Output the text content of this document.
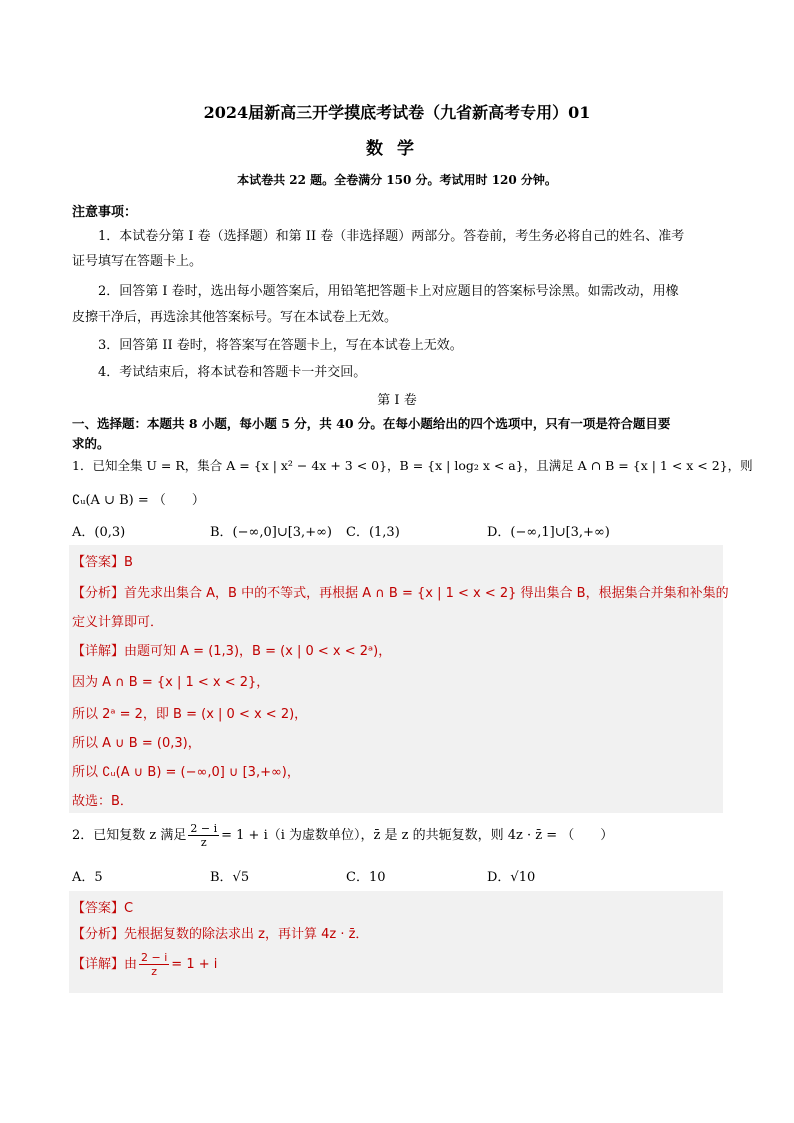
2024届新高三开学摸底考试卷（九省新高考专用）01
数学
本试卷共 22 题。全卷满分 150 分。考试用时 120 分钟。
注意事项：
1．本试卷分第 I 卷（选择题）和第 II 卷（非选择题）两部分。答卷前，考生务必将自己的姓名、准考
证号填写在答题卡上。
2．回答第 I 卷时，选出每小题答案后，用铅笔把答题卡上对应题目的答案标号涂黑。如需改动，用橡
皮擦干净后，再选涂其他答案标号。写在本试卷上无效。
3．回答第 II 卷时，将答案写在答题卡上，写在本试卷上无效。
4．考试结束后，将本试卷和答题卡一并交回。
第 I 卷
一、选择题：本题共 8 小题，每小题 5 分，共 40 分。在每小题给出的四个选项中，只有一项是符合题目要
求的。
1．已知全集 U = R，集合 A = {x | x² − 4x + 3 < 0}，B = {x | log₂ x < a}，且满足 A ∩ B = {x | 1 < x < 2}，则
∁ᵤ(A ∪ B) = （　　）
A．(0,3)	B．(−∞,0]∪[3,+∞) C．(1,3)	D．(−∞,1]∪[3,+∞)
【答案】B
【分析】首先求出集合 A，B 中的不等式，再根据 A ∩ B = {x | 1 < x < 2} 得出集合 B，根据集合并集和补集的
定义计算即可．
【详解】由题可知 A = (1,3)，B = (x | 0 < x < 2ᵃ)，
因为 A ∩ B = {x | 1 < x < 2}，
所以 2ᵃ = 2，即 B = (x | 0 < x < 2)，
所以 A ∪ B = (0,3)，
所以 ∁ᵤ(A ∪ B) = (−∞,0] ∪ [3,+∞)，
故选：B．
2．已知复数 z 满足 $\frac{2 - i}{z} = 1 + i(i$ 为虚数单位），z̄ 是 z 的共轭复数，则 4z · z̄ = （　　）
A．5	B．√5	C．10	D．√10
【答案】C
【分析】先根据复数的除法求出 z，再计算 4z · z̄．
【详解】由 $\frac{2 - i}{z} = 1 + i$
